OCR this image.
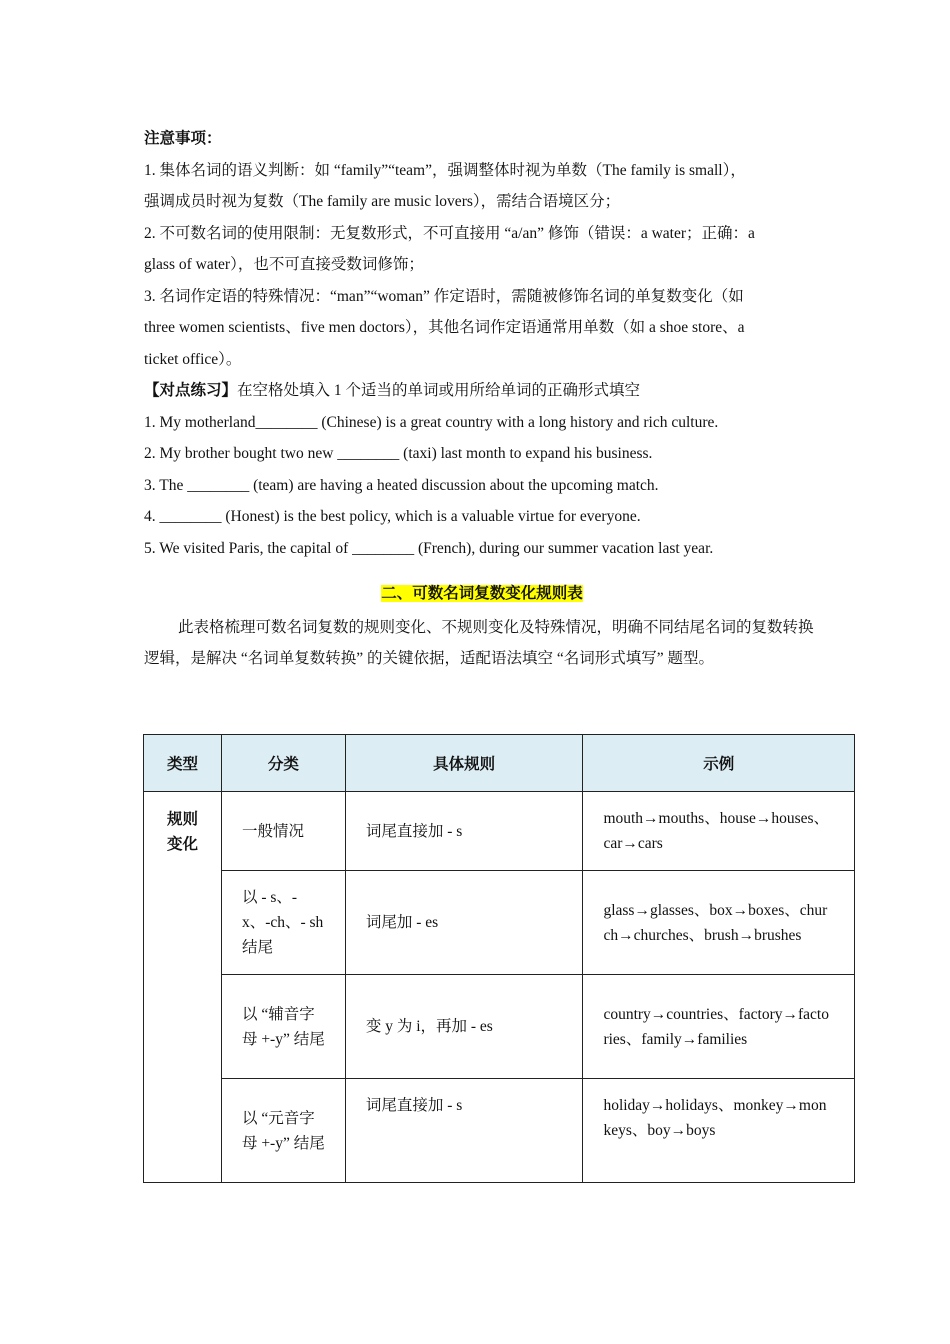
注意事项：
1. 集体名词的语义判断：如 “family”“team”，强调整体时视为单数（The family is small），
强调成员时视为复数（The family are music lovers），需结合语境区分；
2. 不可数名词的使用限制：无复数形式，不可直接用 “a/an” 修饰（错误：a water；正确：a
glass of water），也不可直接受数词修饰；
3. 名词作定语的特殊情况：“man”“woman” 作定语时，需随被修饰名词的单复数变化（如
three women scientists、five men doctors），其他名词作定语通常用单数（如 a shoe store、a
ticket office）。
【对点练习】在空格处填入 1 个适当的单词或用所给单词的正确形式填空
1. My motherland________ (Chinese) is a great country with a long history and rich culture.
2. My brother bought two new ________ (taxi) last month to expand his business.
3. The ________ (team) are having a heated discussion about the upcoming match.
4. ________ (Honest) is the best policy, which is a valuable virtue for everyone.
5. We visited Paris, the capital of ________ (French), during our summer vacation last year.
二、可数名词复数变化规则表
此表格梳理可数名词复数的规则变化、不规则变化及特殊情况，明确不同结尾名词的复数转换逻辑，是解决 “名词单复数转换” 的关键依据，适配语法填空 “名词形式填写” 题型。
类型	分类	具体规则	示例
规则
变化	一般情况	词尾直接加 - s	mouth→mouths、house→houses、car→cars
	以 - s、- x、-ch、- sh 结尾	词尾加 - es	glass→glasses、box→boxes、church→churches、brush→brushes
	以 “辅音字母 +-y” 结尾	变 y 为 i，再加 - es	country→countries、factory→factories、family→families
	以 “元音字母 +-y” 结尾	词尾直接加 - s	holiday→holidays、monkey→monkeys、boy→boys
